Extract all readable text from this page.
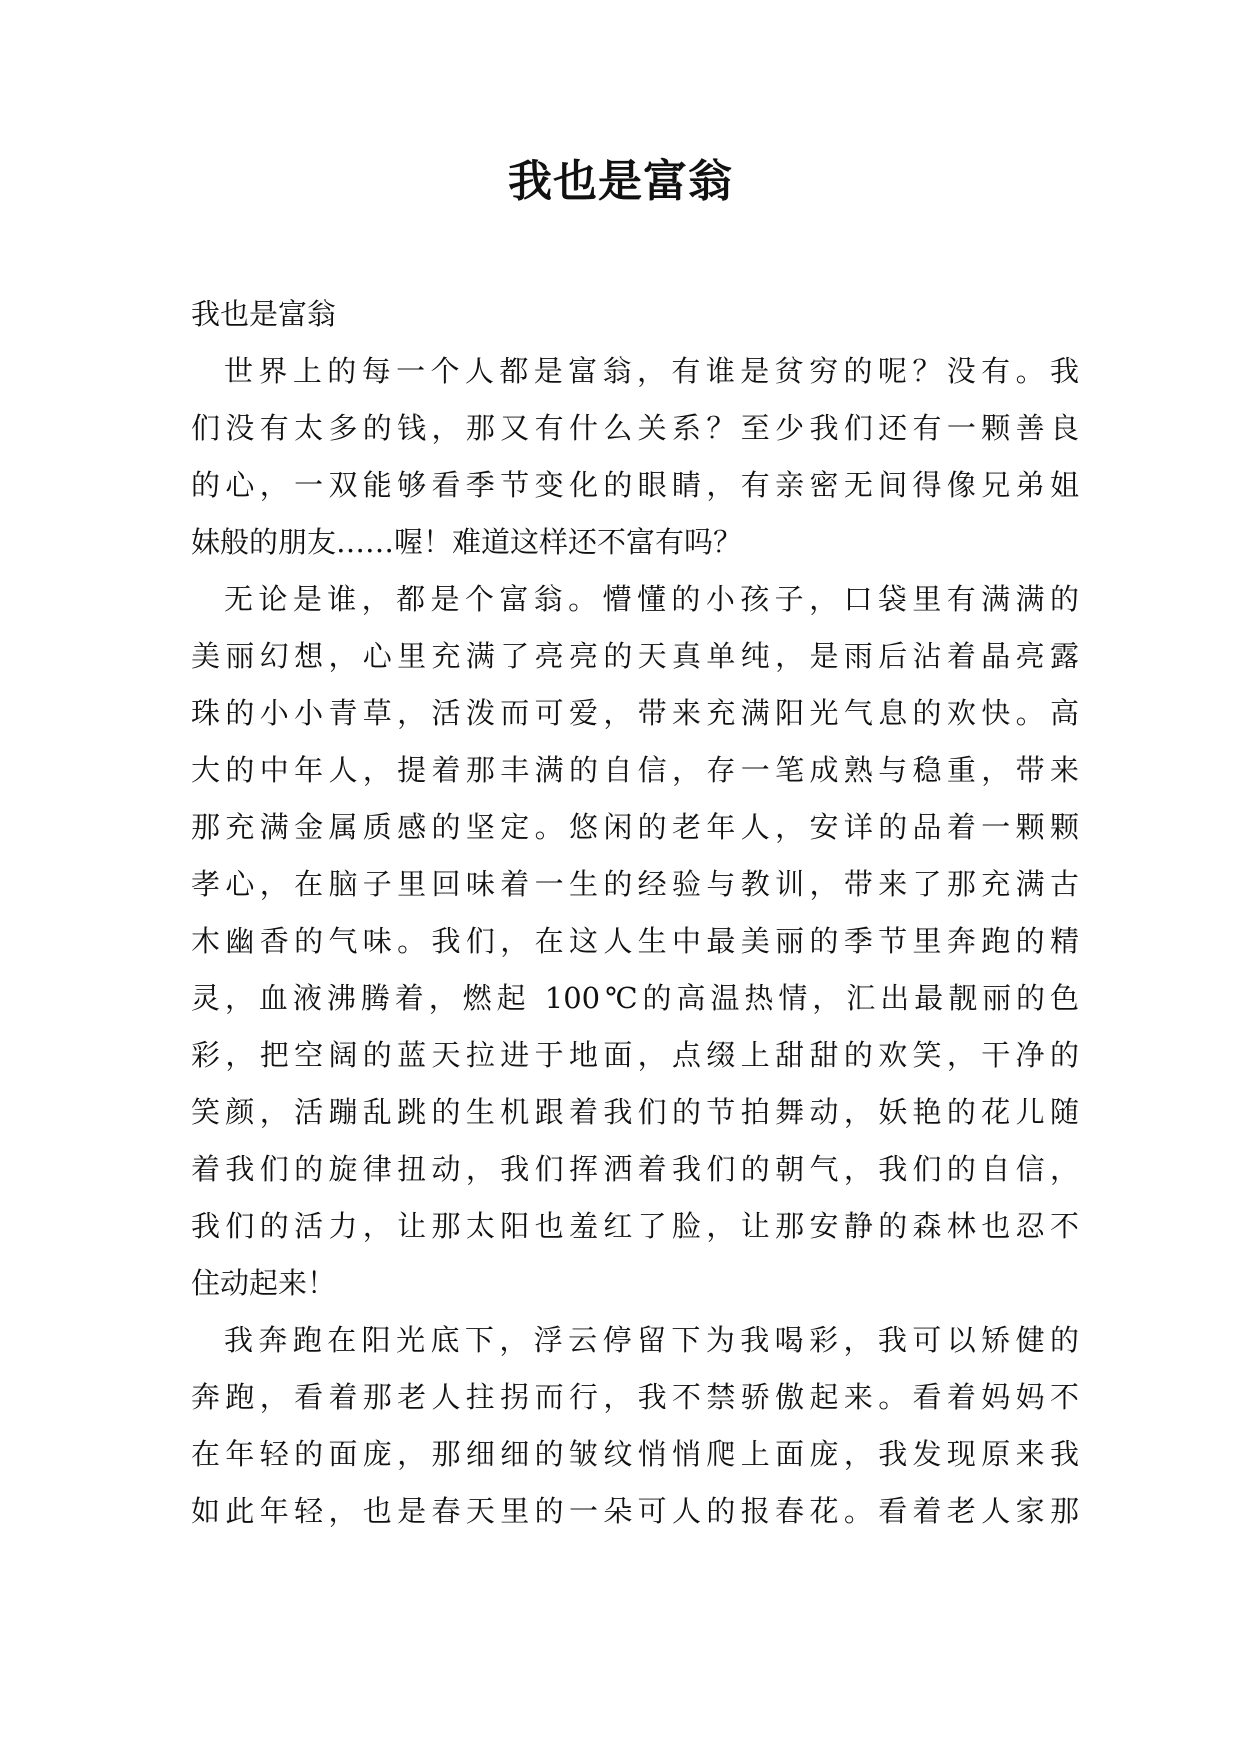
我也是富翁
我也是富翁
世界上的每一个人都是富翁，有谁是贫穷的呢？没有。我
们没有太多的钱，那又有什么关系？至少我们还有一颗善良
的心，一双能够看季节变化的眼睛，有亲密无间得像兄弟姐
妹般的朋友……喔！难道这样还不富有吗？
无论是谁，都是个富翁。懵懂的小孩子，口袋里有满满的
美丽幻想，心里充满了亮亮的天真单纯，是雨后沾着晶亮露
珠的小小青草，活泼而可爱，带来充满阳光气息的欢快。高
大的中年人，提着那丰满的自信，存一笔成熟与稳重，带来
那充满金属质感的坚定。悠闲的老年人，安详的品着一颗颗
孝心，在脑子里回味着一生的经验与教训，带来了那充满古
木幽香的气味。我们，在这人生中最美丽的季节里奔跑的精
灵，血液沸腾着，燃起 100℃的高温热情，汇出最靓丽的色
彩，把空阔的蓝天拉进于地面，点缀上甜甜的欢笑，干净的
笑颜，活蹦乱跳的生机跟着我们的节拍舞动，妖艳的花儿随
着我们的旋律扭动，我们挥洒着我们的朝气，我们的自信，
我们的活力，让那太阳也羞红了脸，让那安静的森林也忍不
住动起来！
我奔跑在阳光底下，浮云停留下为我喝彩，我可以矫健的
奔跑，看着那老人拄拐而行，我不禁骄傲起来。看着妈妈不
在年轻的面庞，那细细的皱纹悄悄爬上面庞，我发现原来我
如此年轻，也是春天里的一朵可人的报春花。看着老人家那
